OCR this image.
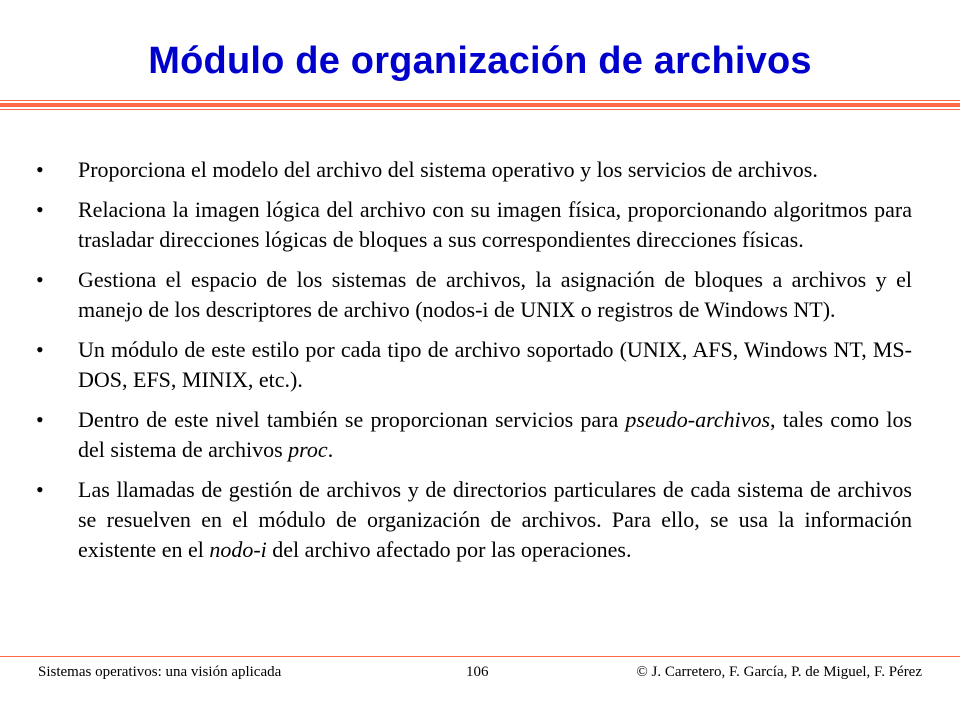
Módulo de organización de archivos
•	Proporciona el modelo del archivo del sistema operativo y los servicios de archivos.
•	Relaciona la imagen lógica del archivo con su imagen física, proporcionando algoritmos para trasladar direcciones lógicas de bloques a sus correspondientes direcciones físicas.
•	Gestiona el espacio de los sistemas de archivos, la asignación de bloques a archivos y el manejo de los descriptores de archivo (nodos-i de UNIX o registros de Windows NT).
•	Un módulo de este estilo por cada tipo de archivo soportado (UNIX, AFS, Windows NT, MS-DOS, EFS, MINIX, etc.).
•	Dentro de este nivel también se proporcionan servicios para pseudo-archivos, tales como los del sistema de archivos proc.
•	Las llamadas de gestión de archivos y de directorios particulares de cada sistema de archivos se resuelven en el módulo de organización de archivos. Para ello, se usa la información existente en el nodo-i del archivo afectado por las operaciones.
Sistemas operativos: una visión aplicada	106	© J. Carretero, F. García, P. de Miguel, F. Pérez
